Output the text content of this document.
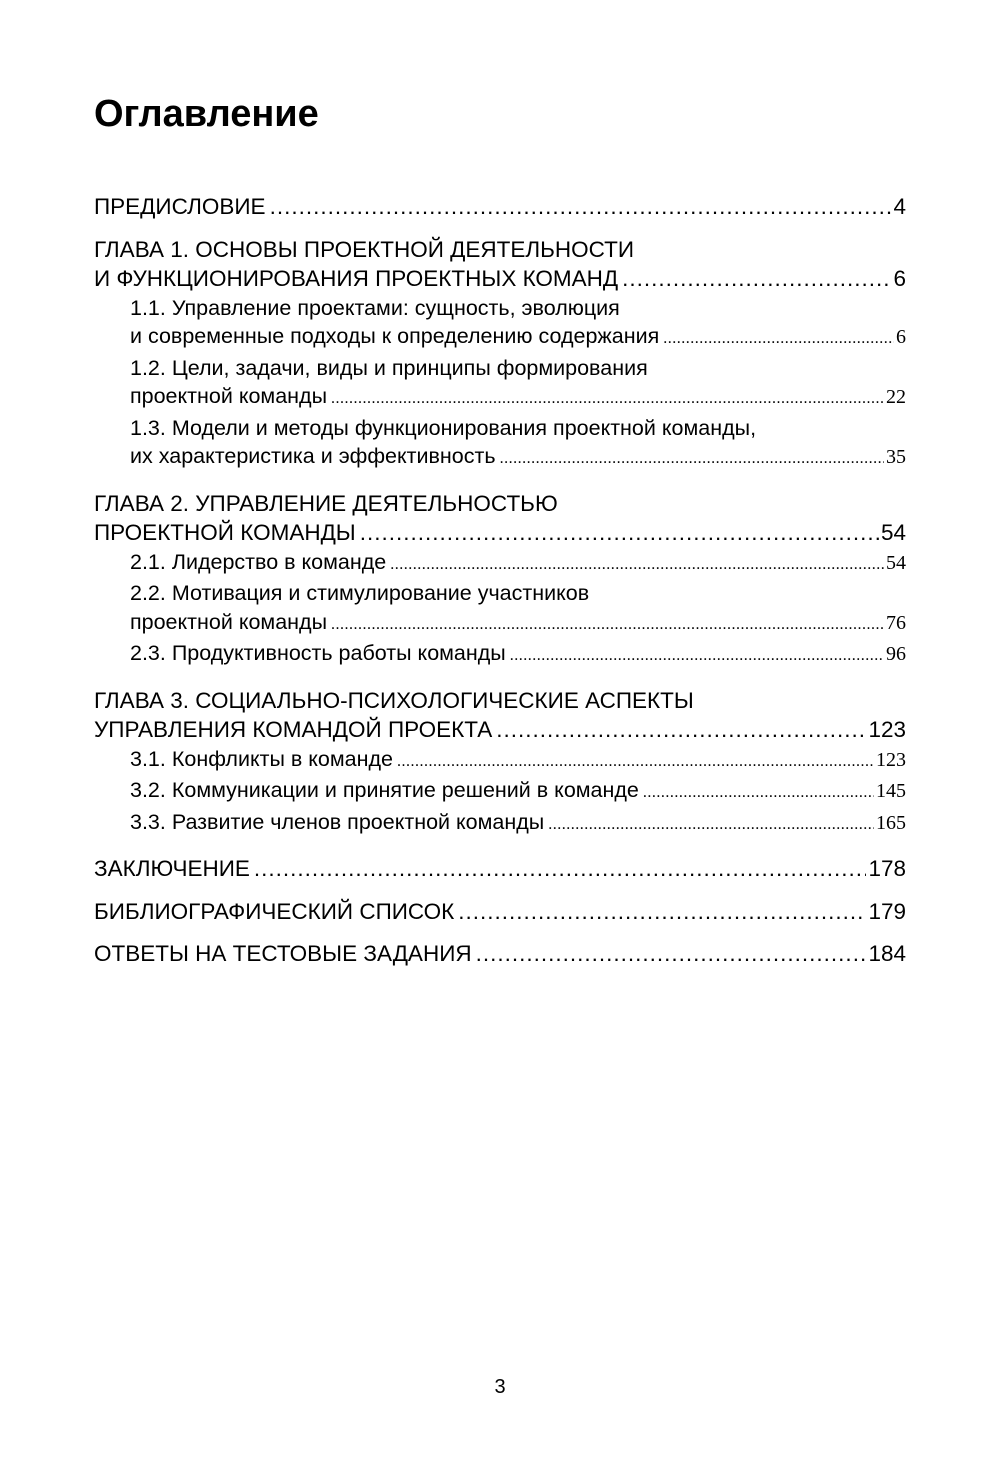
Оглавление
ПРЕДИСЛОВИЕ .....	4
ГЛАВА 1. ОСНОВЫ ПРОЕКТНОЙ ДЕЯТЕЛЬНОСТИ
И ФУНКЦИОНИРОВАНИЯ ПРОЕКТНЫХ КОМАНД .....	6
1.1. Управление проектами: сущность, эволюция
и современные подходы к определению содержания .....	6
1.2. Цели, задачи, виды и принципы формирования
проектной команды .....	22
1.3. Модели и методы функционирования проектной команды,
их характеристика и эффективность .....	35
ГЛАВА 2. УПРАВЛЕНИЕ ДЕЯТЕЛЬНОСТЬЮ
ПРОЕКТНОЙ КОМАНДЫ .....	54
2.1. Лидерство в команде .....	54
2.2. Мотивация и стимулирование участников
проектной команды .....	76
2.3. Продуктивность работы команды .....	96
ГЛАВА 3. СОЦИАЛЬНО-ПСИХОЛОГИЧЕСКИЕ АСПЕКТЫ
УПРАВЛЕНИЯ КОМАНДОЙ ПРОЕКТА .....	123
3.1. Конфликты в команде .....	123
3.2. Коммуникации и принятие решений в команде .....	145
3.3. Развитие членов проектной команды .....	165
ЗАКЛЮЧЕНИЕ .....	178
БИБЛИОГРАФИЧЕСКИЙ СПИСОК .....	179
ОТВЕТЫ НА ТЕСТОВЫЕ ЗАДАНИЯ .....	184
3
